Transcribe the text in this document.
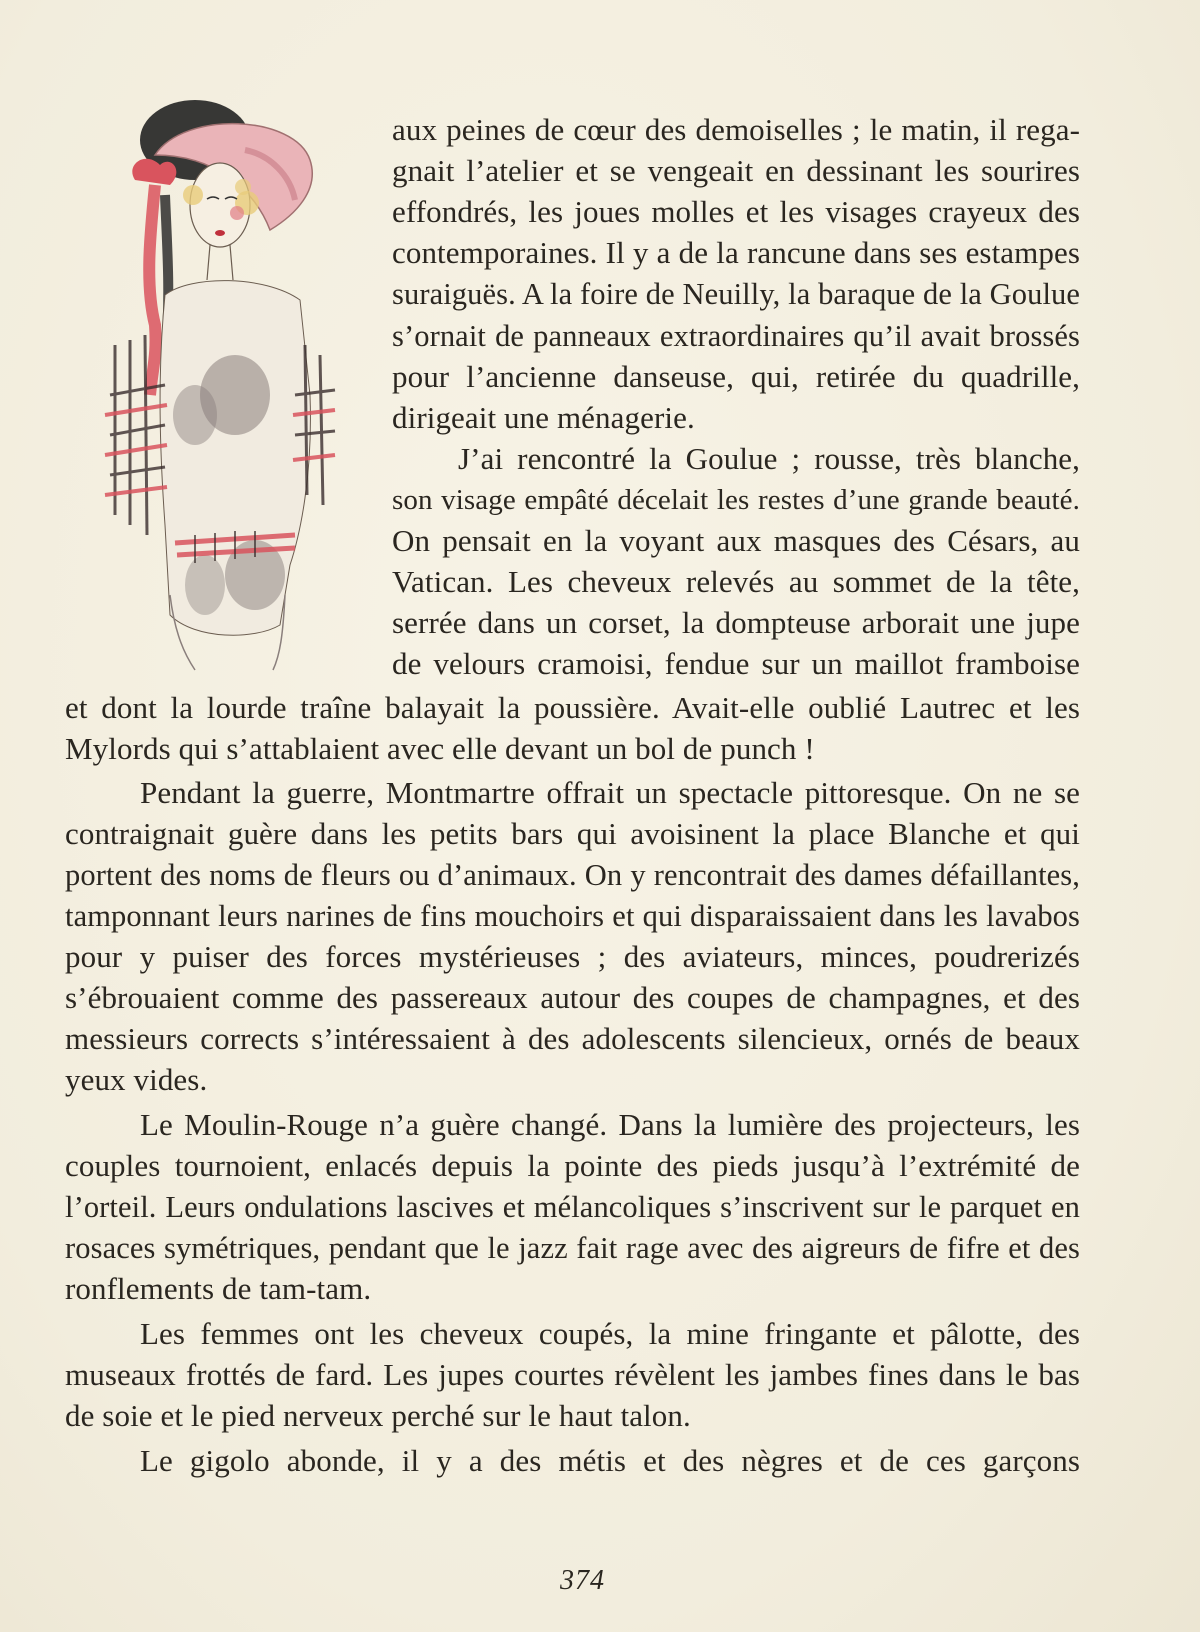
aux peines de cœur des demoiselles ; le matin, il rega-
gnait l’atelier et se vengeait en dessinant les sourires
effondrés, les joues molles et les visages crayeux des
contemporaines. Il y a de la rancune dans ses estampes
suraiguës. A la foire de Neuilly, la baraque de la Goulue
s’ornait de panneaux extraordinaires qu’il avait brossés
pour l’ancienne danseuse, qui, retirée du quadrille,
dirigeait une ménagerie.
J’ai rencontré la Goulue ; rousse, très blanche,
son visage empâté décelait les restes d’une grande beauté.
On pensait en la voyant aux masques des Césars, au
Vatican. Les cheveux relevés au sommet de la tête,
serrée dans un corset, la dompteuse arborait une jupe
de velours cramoisi, fendue sur un maillot framboise
et dont la lourde traîne balayait la poussière. Avait-elle oublié Lautrec et les
Mylords qui s’attablaient avec elle devant un bol de punch !
Pendant la guerre, Montmartre offrait un spectacle pittoresque. On ne se
contraignait guère dans les petits bars qui avoisinent la place Blanche et qui
portent des noms de fleurs ou d’animaux. On y rencontrait des dames défaillantes,
tamponnant leurs narines de fins mouchoirs et qui disparaissaient dans les lavabos
pour y puiser des forces mystérieuses ; des aviateurs, minces, poudrerizés
s’ébrouaient comme des passereaux autour des coupes de champagnes, et des
messieurs corrects s’intéressaient à des adolescents silencieux, ornés de beaux
yeux vides.
Le Moulin-Rouge n’a guère changé. Dans la lumière des projecteurs, les
couples tournoient, enlacés depuis la pointe des pieds jusqu’à l’extrémité de
l’orteil. Leurs ondulations lascives et mélancoliques s’inscrivent sur le parquet en
rosaces symétriques, pendant que le jazz fait rage avec des aigreurs de fifre et des
ronflements de tam-tam.
Les femmes ont les cheveux coupés, la mine fringante et pâlotte, des
museaux frottés de fard. Les jupes courtes révèlent les jambes fines dans le bas
de soie et le pied nerveux perché sur le haut talon.
Le gigolo abonde, il y a des métis et des nègres et de ces garçons
374
